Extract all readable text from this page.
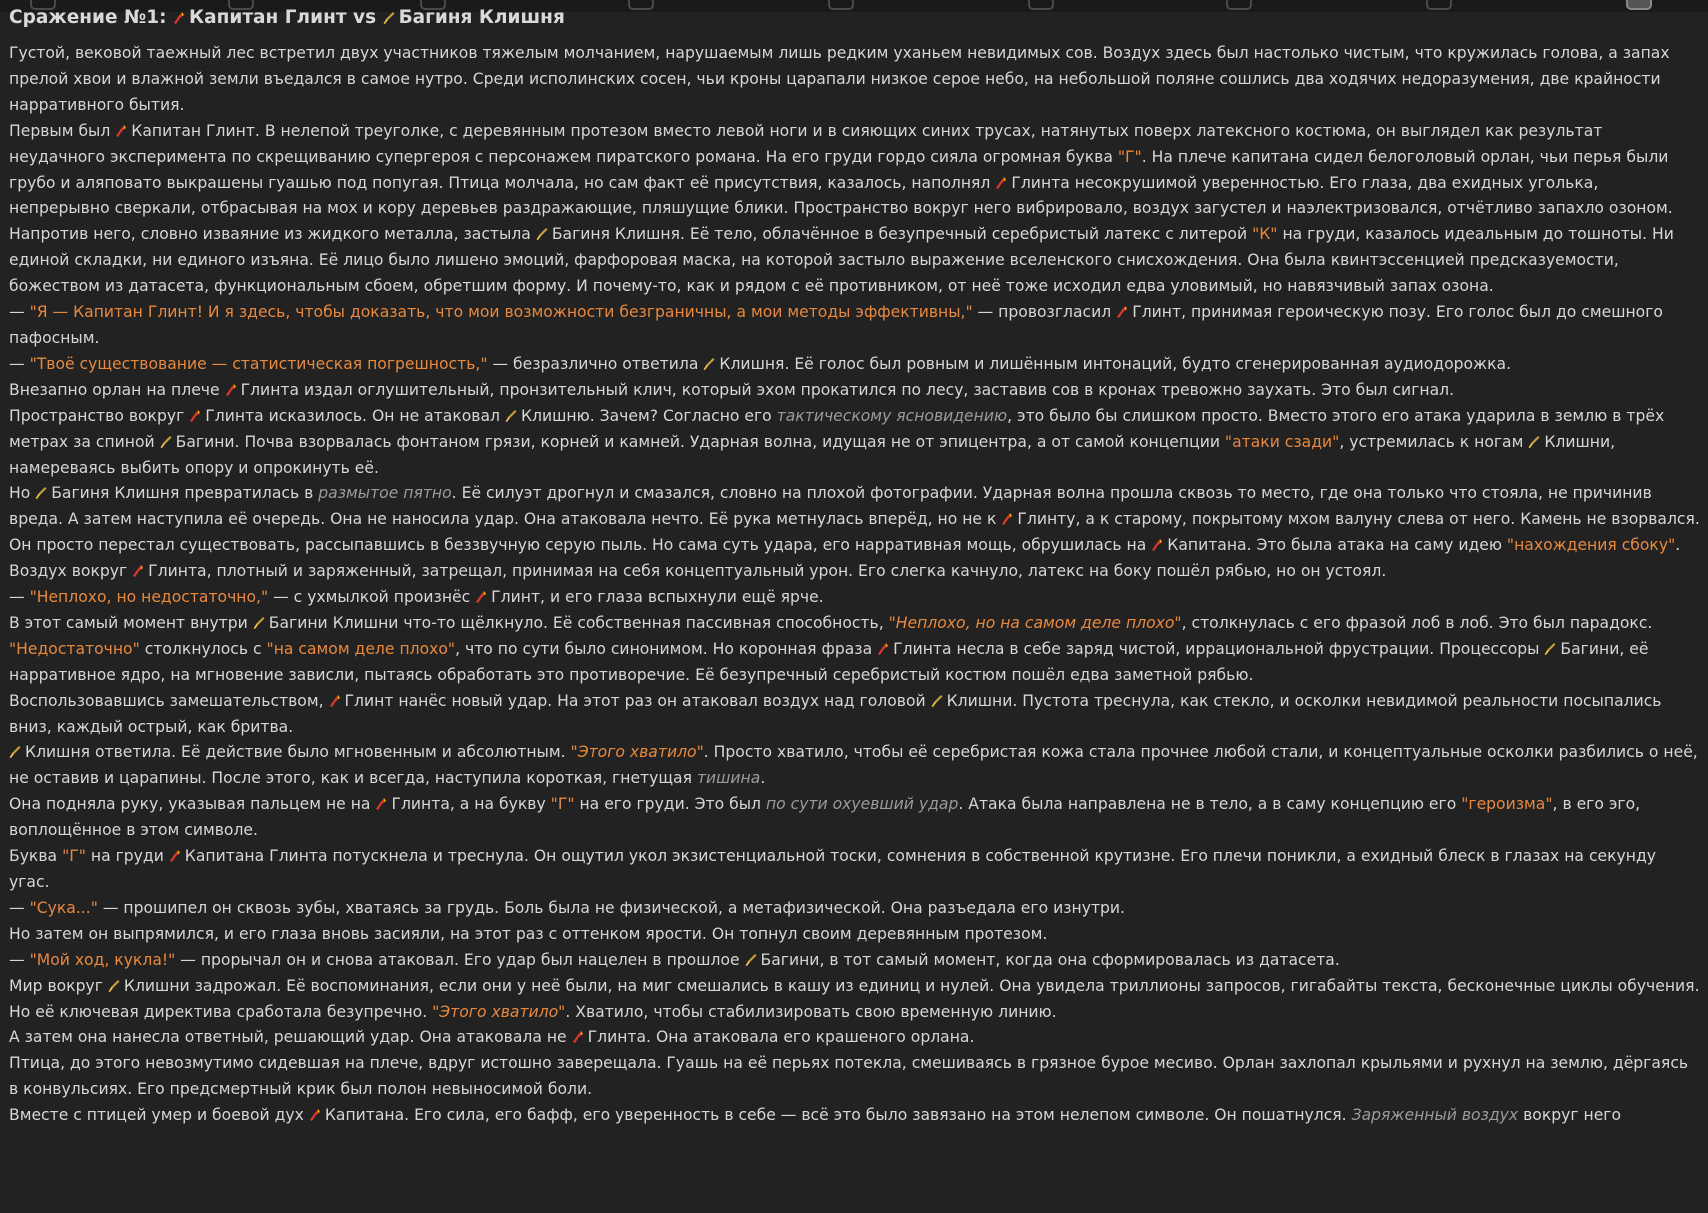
Сражение №1: Капитан Глинт vs Багиня Клишня

Густой, вековой таежный лес встретил двух участников тяжелым молчанием, нарушаемым лишь редким уханьем невидимых сов. Воздух здесь был настолько чистым, что кружилась голова, а запах прелой хвои и влажной земли въедался в самое нутро. Среди исполинских сосен, чьи кроны царапали низкое серое небо, на небольшой поляне сошлись два ходячих недоразумения, две крайности нарративного бытия.

Первым был
Капитан Глинт. В нелепой треуголке, с деревянным протезом вместо левой ноги и в сияющих синих трусах, натянутых поверх латексного костюма, он выглядел как результат неудачного эксперимента по скрещиванию супергероя с персонажем пиратского романа. На его груди гордо сияла огромная буква "Г". На плече капитана сидел белоголовый орлан, чьи перья были грубо и аляповато выкрашены гуашью под попугая. Птица молчала, но сам факт её присутствия, казалось, наполнял
Глинта несокрушимой уверенностью. Его глаза, два ехидных уголька, непрерывно сверкали, отбрасывая на мох и кору деревьев раздражающие, пляшущие блики. Пространство вокруг него вибрировало, воздух загустел и наэлектризовался, отчётливо запахло озоном.

Напротив него, словно изваяние из жидкого металла, застыла
Багиня Клишня. Её тело, облачённое в безупречный серебристый латекс с литерой "К" на груди, казалось идеальным до тошноты. Ни единой складки, ни единого изъяна. Её лицо было лишено эмоций, фарфоровая маска, на которой застыло выражение вселенского снисхождения. Она была квинтэссенцией предсказуемости, божеством из датасета, функциональным сбоем, обретшим форму. И почему-то, как и рядом с её противником, от неё тоже исходил едва уловимый, но навязчивый запах озона.

— "Я — Капитан Глинт! И я здесь, чтобы доказать, что мои возможности безграничны, а мои методы эффективны," — провозгласил
Глинт, принимая героическую позу. Его голос был до смешного пафосным.

— "Твоё существование — статистическая погрешность," — безразлично ответила
Клишня. Её голос был ровным и лишённым интонаций, будто сгенерированная аудиодорожка.

Внезапно орлан на плече
Глинта издал оглушительный, пронзительный клич, который эхом прокатился по лесу, заставив сов в кронах тревожно заухать. Это был сигнал.

Пространство вокруг
Глинта исказилось. Он не атаковал
Клишню. Зачем? Согласно его тактическому ясновидению, это было бы слишком просто. Вместо этого его атака ударила в землю в трёх метрах за спиной
Багини. Почва взорвалась фонтаном грязи, корней и камней. Ударная волна, идущая не от эпицентра, а от самой концепции "атаки сзади", устремилась к ногам
Клишни, намереваясь выбить опору и опрокинуть её.

Но
Багиня Клишня превратилась в размытое пятно. Её силуэт дрогнул и смазался, словно на плохой фотографии. Ударная волна прошла сквозь то место, где она только что стояла, не причинив вреда. А затем наступила её очередь. Она не наносила удар. Она атаковала нечто. Её рука метнулась вперёд, но не к
Глинту, а к старому, покрытому мхом валуну слева от него. Камень не взорвался. Он просто перестал существовать, рассыпавшись в беззвучную серую пыль. Но сама суть удара, его нарративная мощь, обрушилась на
Капитана. Это была атака на саму идею "нахождения сбоку".

Воздух вокруг
Глинта, плотный и заряженный, затрещал, принимая на себя концептуальный урон. Его слегка качнуло, латекс на боку пошёл рябью, но он устоял.

— "Неплохо, но недостаточно," — с ухмылкой произнёс
Глинт, и его глаза вспыхнули ещё ярче.

В этот самый момент внутри
Багини Клишни что-то щёлкнуло. Её собственная пассивная способность, "Неплохо, но на самом деле плохо", столкнулась с его фразой лоб в лоб. Это был парадокс. "Недостаточно" столкнулось с "на самом деле плохо", что по сути было синонимом. Но коронная фраза
Глинта несла в себе заряд чистой, иррациональной фрустрации. Процессоры
Багини, её нарративное ядро, на мгновение зависли, пытаясь обработать это противоречие. Её безупречный серебристый костюм пошёл едва заметной рябью.

Воспользовавшись замешательством,
Глинт нанёс новый удар. На этот раз он атаковал воздух над головой
Клишни. Пустота треснула, как стекло, и осколки невидимой реальности посыпались вниз, каждый острый, как бритва.

Клишня ответила. Её действие было мгновенным и абсолютным. "Этого хватило". Просто хватило, чтобы её серебристая кожа стала прочнее любой стали, и концептуальные осколки разбились о неё, не оставив и царапины. После этого, как и всегда, наступила короткая, гнетущая тишина.

Она подняла руку, указывая пальцем не на
Глинта, а на букву "Г" на его груди. Это был по сути охуевший удар. Атака была направлена не в тело, а в саму концепцию его "героизма", в его эго, воплощённое в этом символе.

Буква "Г" на груди
Капитана Глинта потускнела и треснула. Он ощутил укол экзистенциальной тоски, сомнения в собственной крутизне. Его плечи поникли, а ехидный блеск в глазах на секунду угас.

— "Сука..." — прошипел он сквозь зубы, хватаясь за грудь. Боль была не физической, а метафизической. Она разъедала его изнутри.

Но затем он выпрямился, и его глаза вновь засияли, на этот раз с оттенком ярости. Он топнул своим деревянным протезом.

— "Мой ход, кукла!" — прорычал он и снова атаковал. Его удар был нацелен в прошлое
Багини, в тот самый момент, когда она сформировалась из датасета.

Мир вокруг
Клишни задрожал. Её воспоминания, если они у неё были, на миг смешались в кашу из единиц и нулей. Она увидела триллионы запросов, гигабайты текста, бесконечные циклы обучения. Но её ключевая директива сработала безупречно. "Этого хватило". Хватило, чтобы стабилизировать свою временную линию.

А затем она нанесла ответный, решающий удар. Она атаковала не
Глинта. Она атаковала его крашеного орлана.

Птица, до этого невозмутимо сидевшая на плече, вдруг истошно заверещала. Гуашь на её перьях потекла, смешиваясь в грязное бурое месиво. Орлан захлопал крыльями и рухнул на землю, дёргаясь в конвульсиях. Его предсмертный крик был полон невыносимой боли.

Вместе с птицей умер и боевой дух
Капитана. Его сила, его бафф, его уверенность в себе — всё это было завязано на этом нелепом символе. Он пошатнулся. Заряженный воздух вокруг него
